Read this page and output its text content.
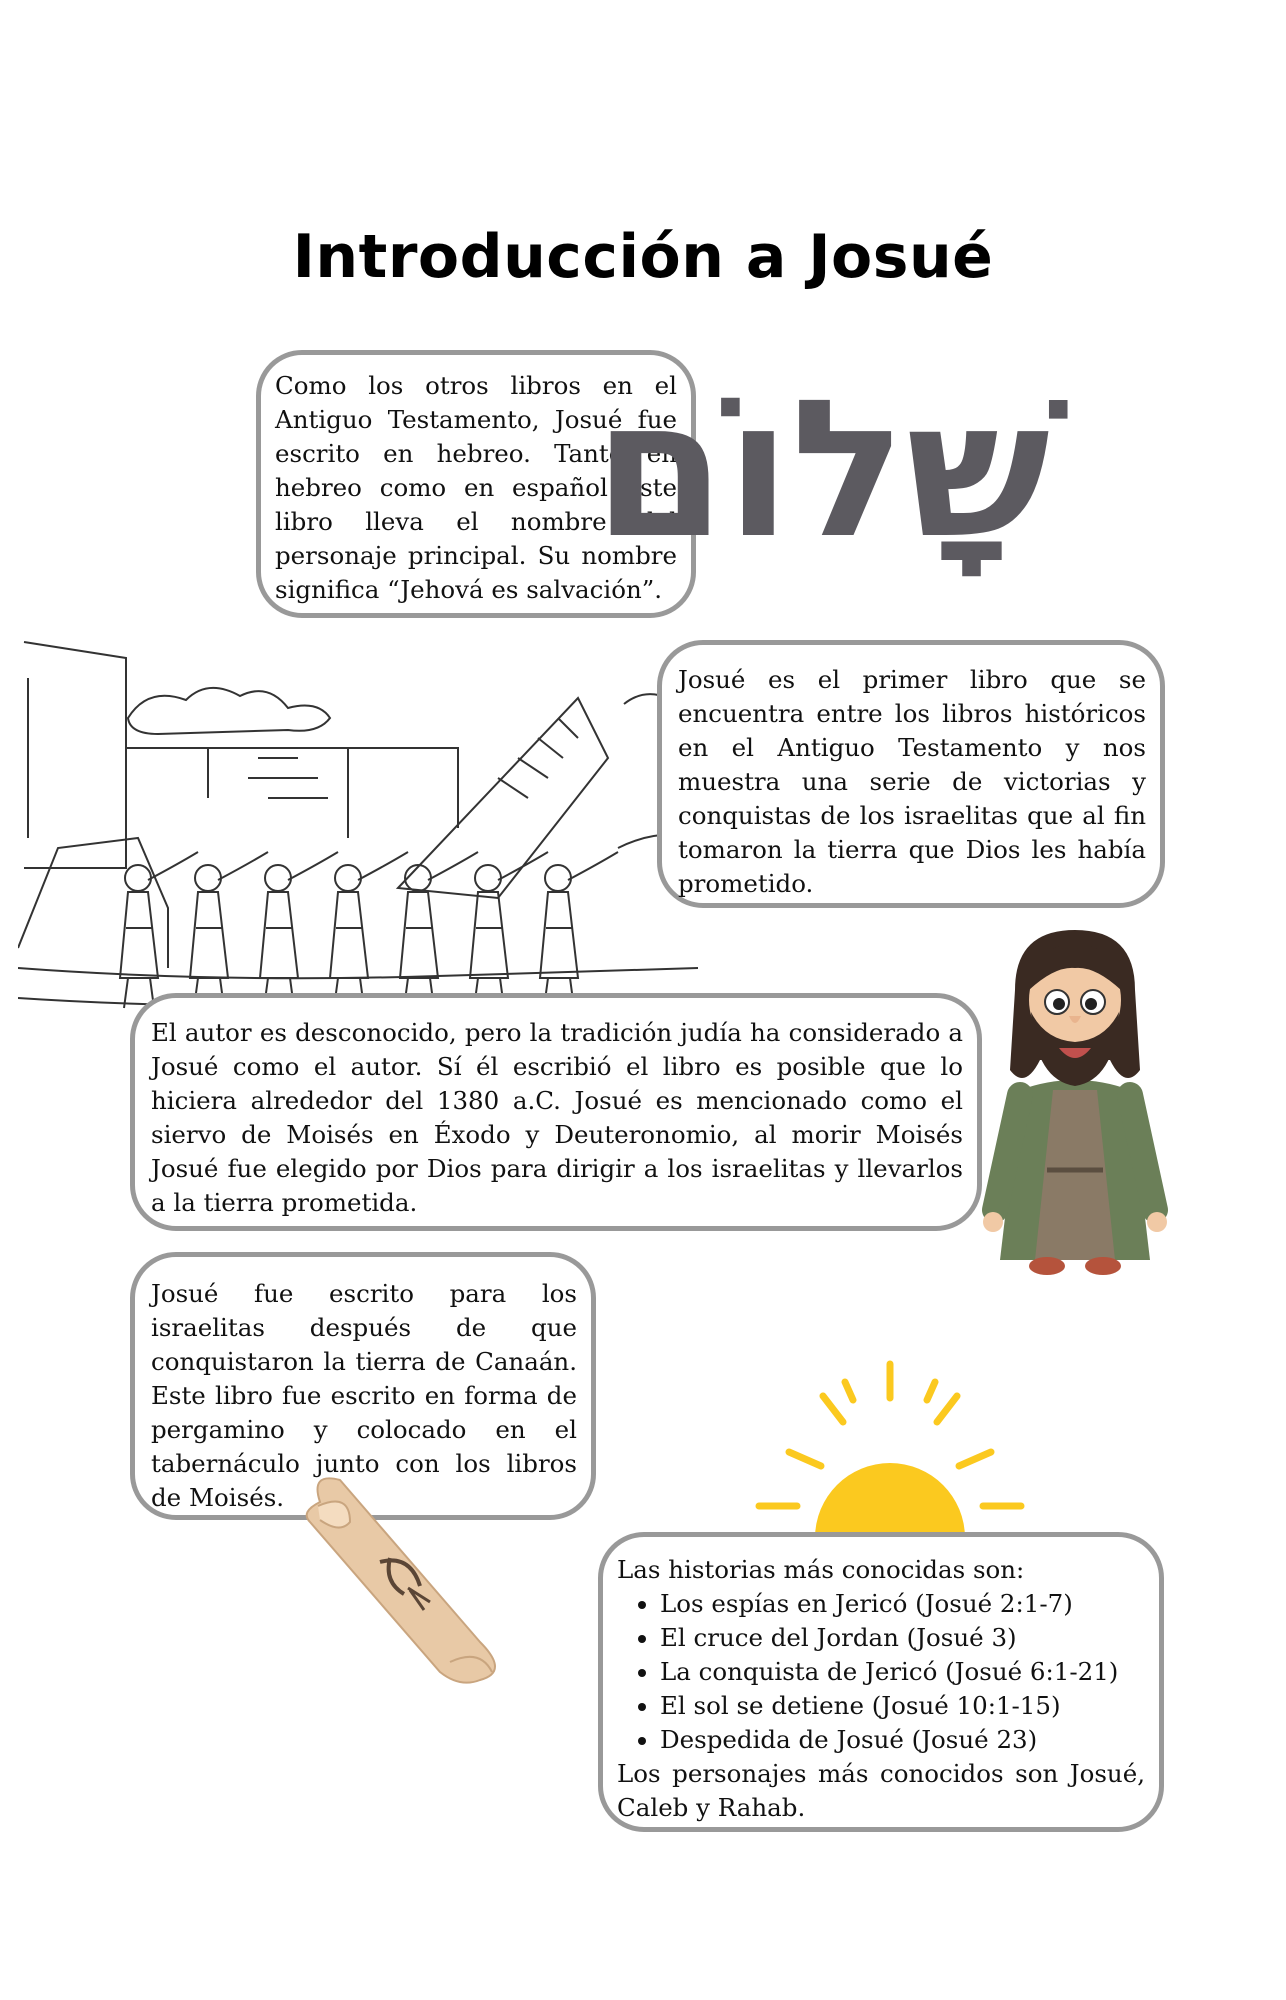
Introducción a Josué
Como los otros libros en el Antiguo Testamento, Josué fue escrito en hebreo. Tanto en hebreo como en español este libro lleva el nombre del personaje principal. Su nombre significa “Jehová es salvación”.
שָׁלוֹם
Josué es el primer libro que se encuentra entre los libros históricos en el Antiguo Testamento y nos muestra una serie de victorias y conquistas de los israelitas que al fin tomaron la tierra que Dios les había prometido.
El autor es desconocido, pero la tradición judía ha considerado a Josué como el autor. Sí él escribió el libro es posible que lo hiciera alrededor del 1380 a.C. Josué es mencionado como el siervo de Moisés en Éxodo y Deuteronomio, al morir Moisés Josué fue elegido por Dios para dirigir a los israelitas y llevarlos a la tierra prometida.
Josué fue escrito para los israelitas después de que conquistaron la tierra de Canaán. Este libro fue escrito en forma de pergamino y colocado en el tabernáculo junto con los libros de Moisés.
Las historias más conocidas son:
• Los espías en Jericó (Josué 2:1-7)
• El cruce del Jordan (Josué 3)
• La conquista de Jericó (Josué 6:1-21)
• El sol se detiene (Josué 10:1-15)
• Despedida de Josué (Josué 23)
Los personajes más conocidos son Josué, Caleb y Rahab.
